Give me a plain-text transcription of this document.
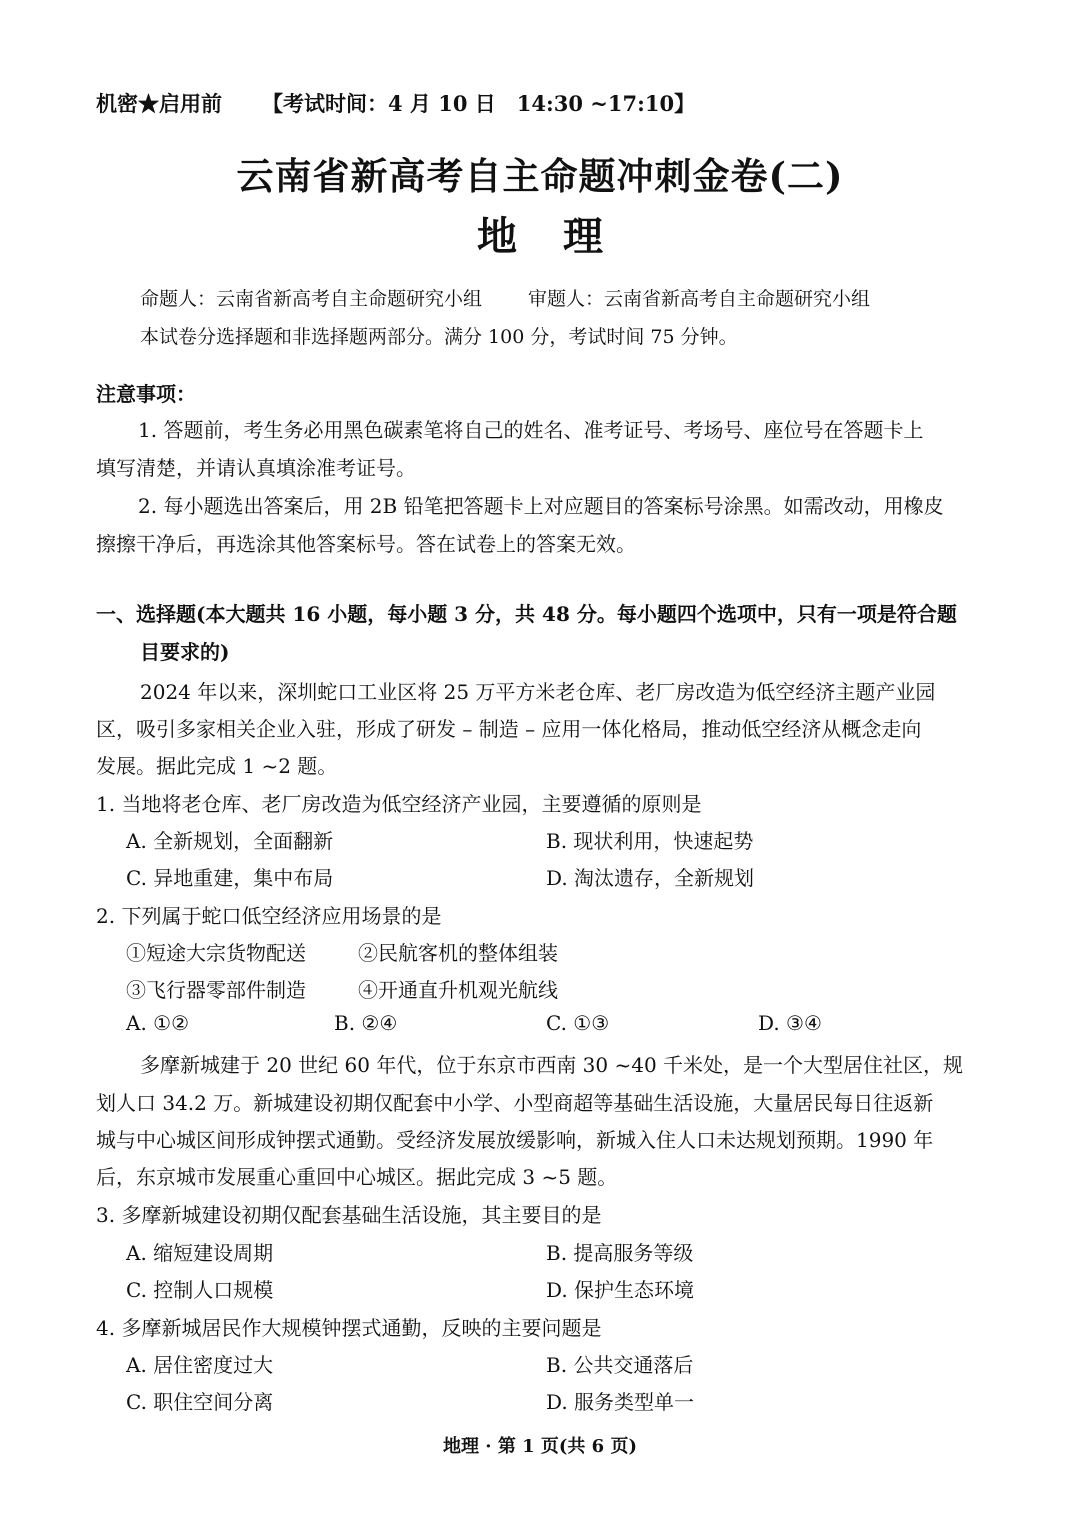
机密★启用前 【考试时间：4 月 10 日　14:30 ~17:10】
云南省新高考自主命题冲刺金卷(二)
地理
命题人：云南省新高考自主命题研究小组 审题人：云南省新高考自主命题研究小组
本试卷分选择题和非选择题两部分。满分 100 分，考试时间 75 分钟。
注意事项：
1. 答题前，考生务必用黑色碳素笔将自己的姓名、准考证号、考场号、座位号在答题卡上
填写清楚，并请认真填涂准考证号。
2. 每小题选出答案后，用 2B 铅笔把答题卡上对应题目的答案标号涂黑。如需改动，用橡皮
擦擦干净后，再选涂其他答案标号。答在试卷上的答案无效。
一、选择题(本大题共 16 小题，每小题 3 分，共 48 分。每小题四个选项中，只有一项是符合题
目要求的)
2024 年以来，深圳蛇口工业区将 25 万平方米老仓库、老厂房改造为低空经济主题产业园
区，吸引多家相关企业入驻，形成了研发 – 制造 – 应用一体化格局，推动低空经济从概念走向
发展。据此完成 1 ~2 题。
1. 当地将老仓库、老厂房改造为低空经济产业园，主要遵循的原则是
A. 全新规划，全面翻新	B. 现状利用，快速起势
C. 异地重建，集中布局	D. 淘汰遗存，全新规划
2. 下列属于蛇口低空经济应用场景的是
①短途大宗货物配送	②民航客机的整体组装
③飞行器零部件制造	④开通直升机观光航线
A. ①②	B. ②④	C. ①③	D. ③④
多摩新城建于 20 世纪 60 年代，位于东京市西南 30 ~40 千米处，是一个大型居住社区，规
划人口 34.2 万。新城建设初期仅配套中小学、小型商超等基础生活设施，大量居民每日往返新
城与中心城区间形成钟摆式通勤。受经济发展放缓影响，新城入住人口未达规划预期。1990 年
后，东京城市发展重心重回中心城区。据此完成 3 ~5 题。
3. 多摩新城建设初期仅配套基础生活设施，其主要目的是
A. 缩短建设周期	B. 提高服务等级
C. 控制人口规模	D. 保护生态环境
4. 多摩新城居民作大规模钟摆式通勤，反映的主要问题是
A. 居住密度过大	B. 公共交通落后
C. 职住空间分离	D. 服务类型单一
地理 · 第 1 页(共 6 页)
